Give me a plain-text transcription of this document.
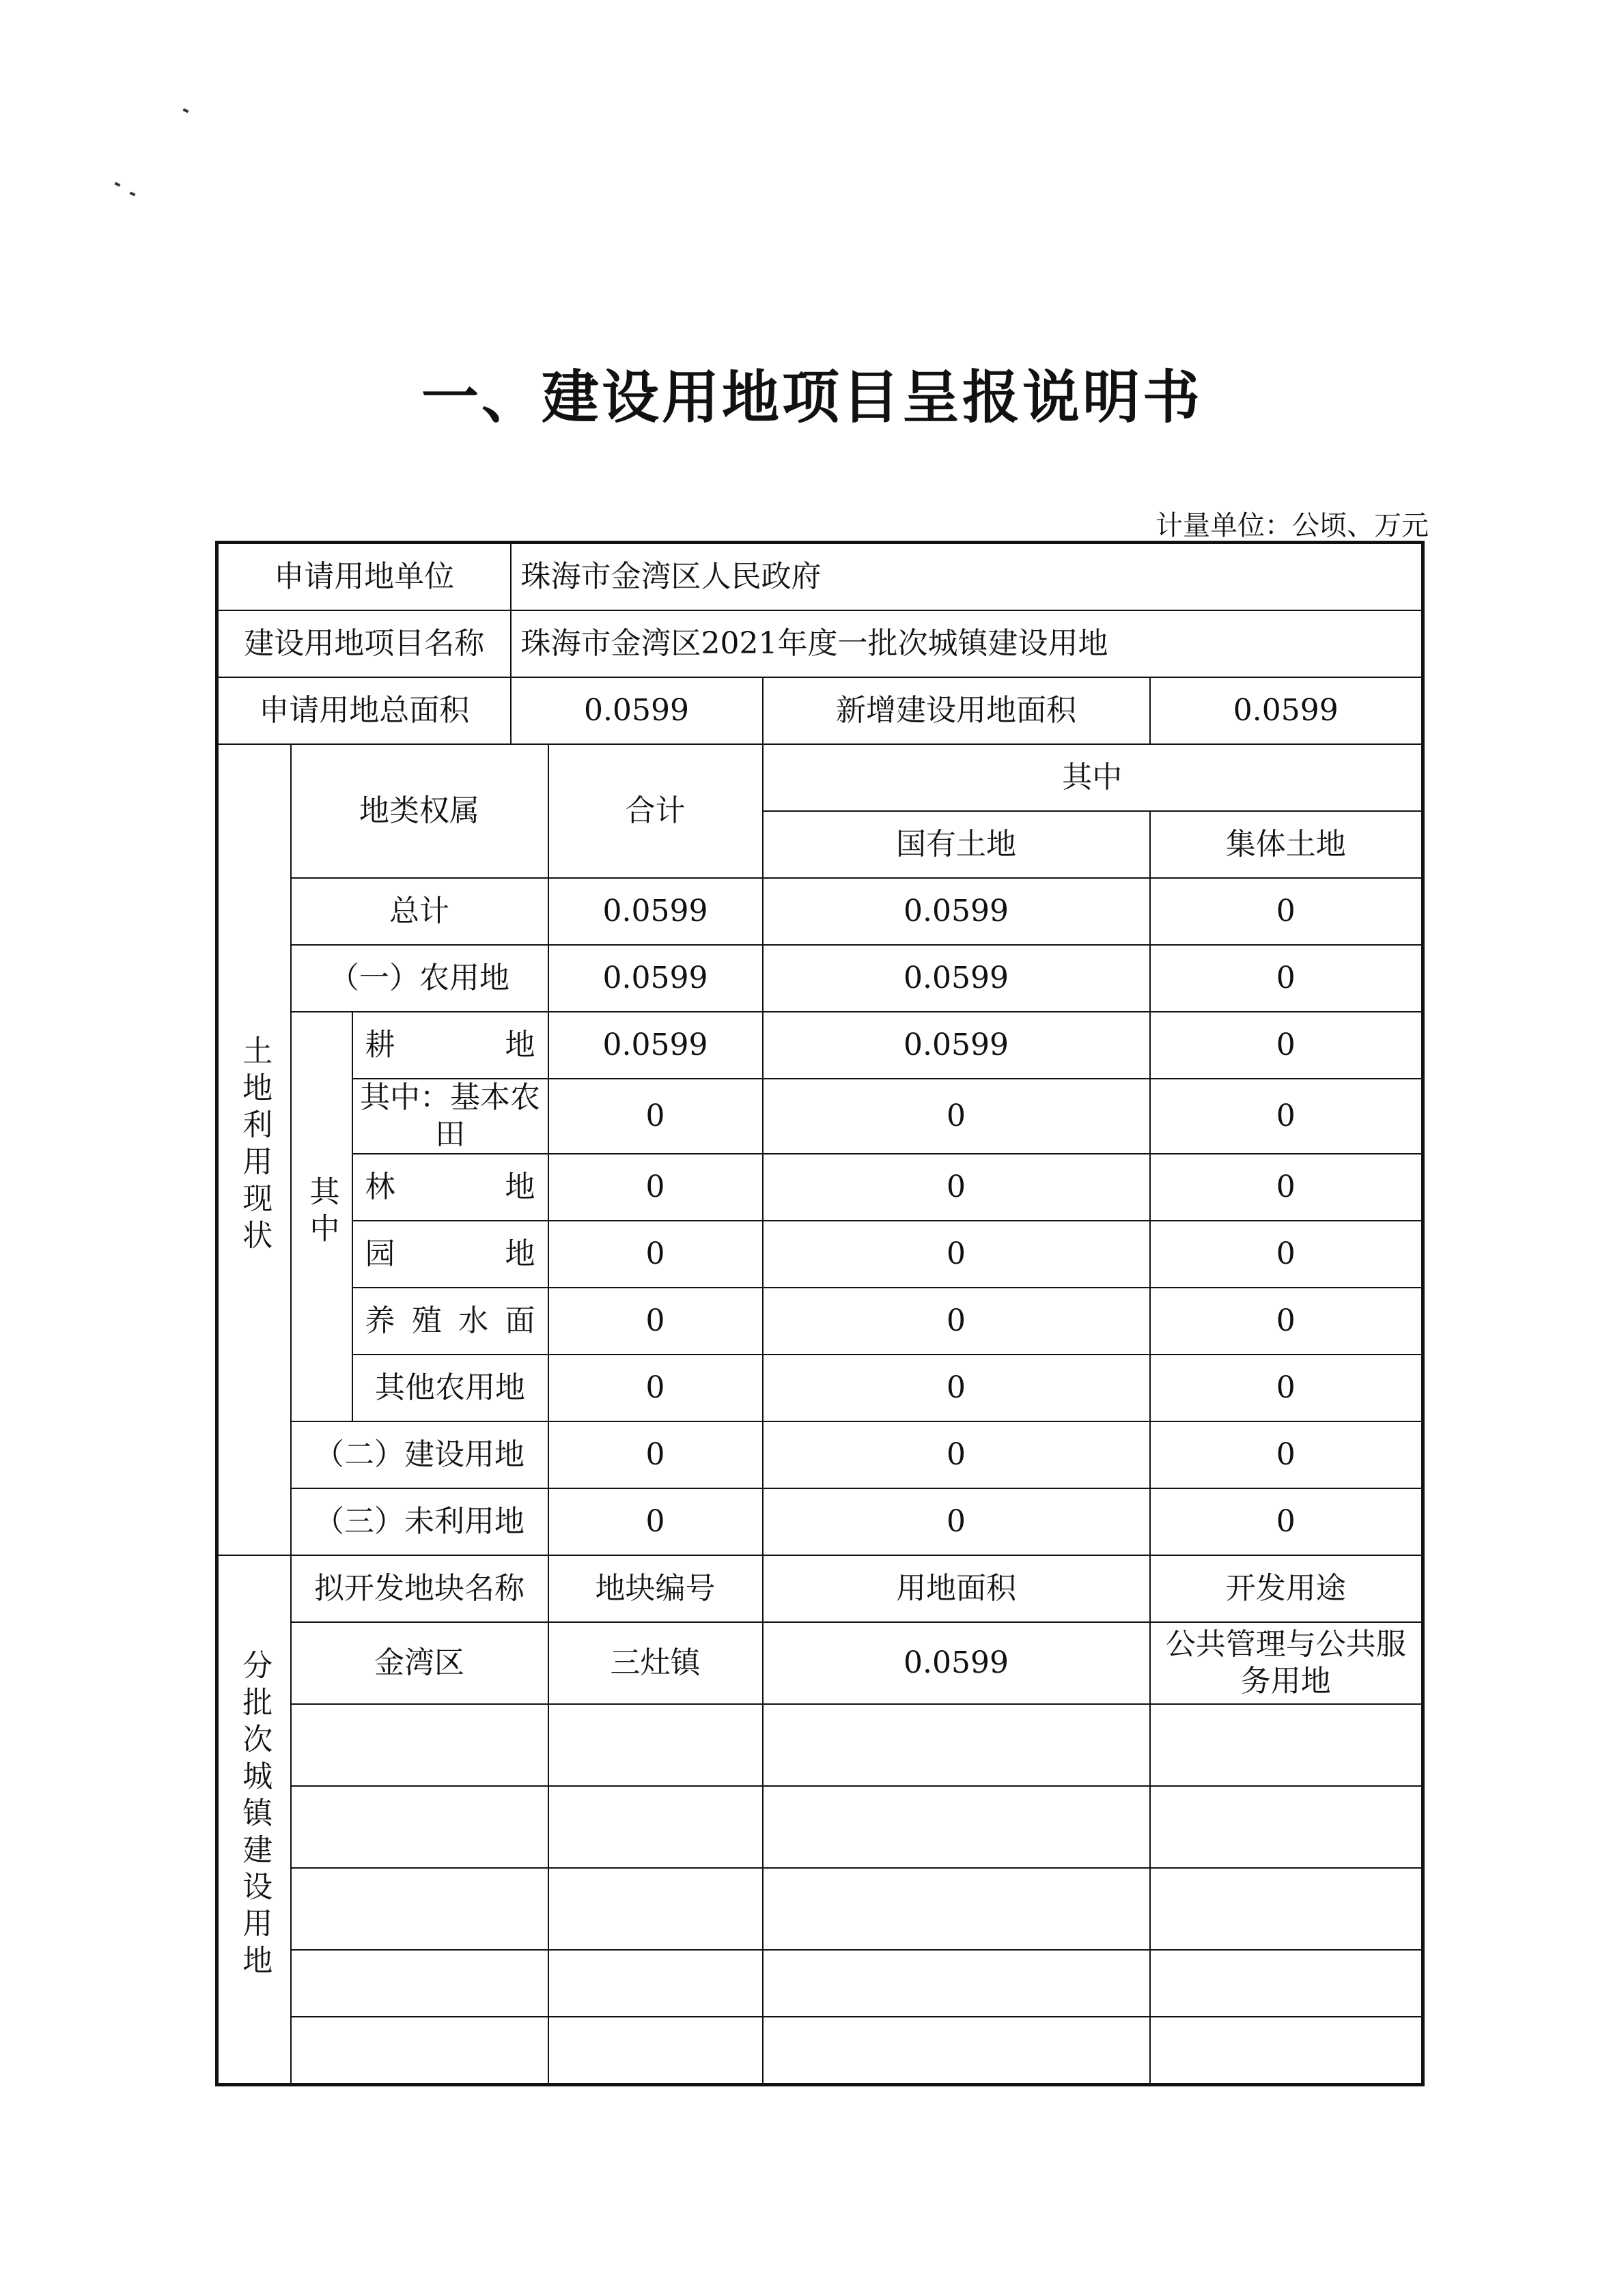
一、建设用地项目呈报说明书
计量单位：公顷、万元
申请用地单位			珠海市金湾区人民政府			
建设用地项目名称			珠海市金湾区2021年度一批次城镇建设用地			
申请用地总面积			0.0599		新增建设用地面积	0.0599
土地利用现状	地类权属			合计	其中	
					国有土地	集体土地
	总计			0.0599	0.0599	0
	（一）农用地			0.0599	0.0599	0
	其中	耕 地		0.0599	0.0599	0
		其中：基本农田		0	0	0

		林 地		0	0	0

		园 地		0	0	0

		养 殖 水 面		0	0	0
		其他农用地		0	0	0
	（二）建设用地			0	0	0
	（三）未利用地			0	0	0
分批次城镇建设用地	拟开发地块名称			地块编号	用地面积	开发用途
	金湾区			三灶镇	0.0599	公共管理与公共服务用地
